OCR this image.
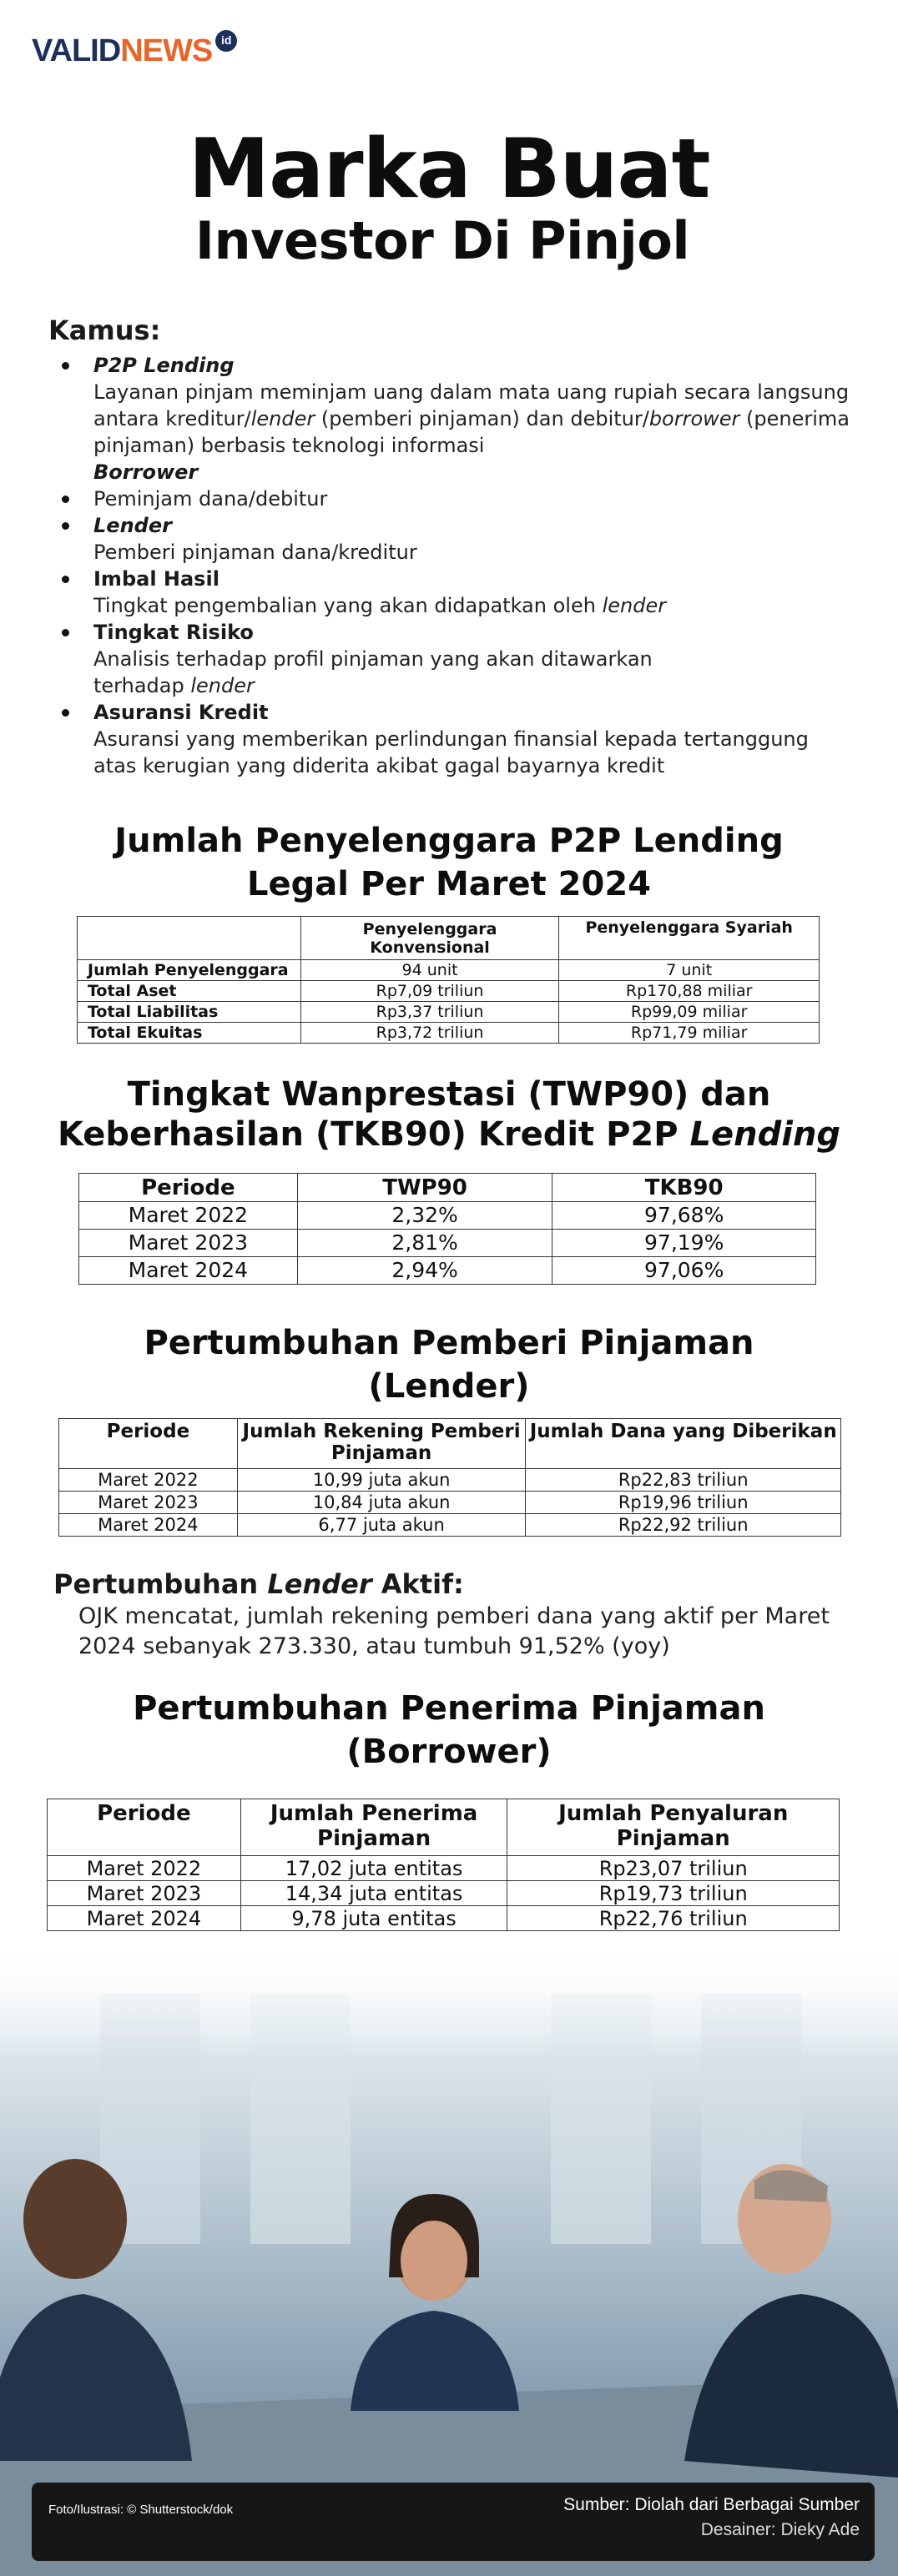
VALID NEWS id
Marka Buat
Investor Di Pinjol
Kamus:
P2P Lending
Layanan pinjam meminjam uang dalam mata uang rupiah secara langsung antara kreditur/lender (pemberi pinjaman) dan debitur/borrower (penerima pinjaman) berbasis teknologi informasi
Borrower
Peminjam dana/debitur
Lender
Pemberi pinjaman dana/kreditur
Imbal Hasil
Tingkat pengembalian yang akan didapatkan oleh lender
Tingkat Risiko
Analisis terhadap profil pinjaman yang akan ditawarkan terhadap lender
Asuransi Kredit
Asuransi yang memberikan perlindungan finansial kepada tertanggung atas kerugian yang diderita akibat gagal bayarnya kredit
Jumlah Penyelenggara P2P Lending
Legal Per Maret 2024
	Penyelenggara Konvensional	Penyelenggara Syariah
Jumlah Penyelenggara	94 unit	7 unit
Total Aset	Rp7,09 triliun	Rp170,88 miliar
Total Liabilitas	Rp3,37 triliun	Rp99,09 miliar
Total Ekuitas	Rp3,72 triliun	Rp71,79 miliar
Tingkat Wanprestasi (TWP90) dan
Keberhasilan (TKB90) Kredit P2P Lending
Periode	TWP90	TKB90
Maret 2022	2,32%	97,68%
Maret 2023	2,81%	97,19%
Maret 2024	2,94%	97,06%
Pertumbuhan Pemberi Pinjaman
(Lender)
Periode	Jumlah Rekening Pemberi Pinjaman	Jumlah Dana yang Diberikan
Maret 2022	10,99 juta akun	Rp22,83 triliun
Maret 2023	10,84 juta akun	Rp19,96 triliun
Maret 2024	6,77 juta akun	Rp22,92 triliun
Pertumbuhan Lender Aktif:

OJK mencatat, jumlah rekening pemberi dana yang aktif per Maret 2024 sebanyak 273.330, atau tumbuh 91,52% (yoy)

Pertumbuhan Penerima Pinjaman
(Borrower)
Periode	Jumlah Penerima Pinjaman	Jumlah Penyaluran Pinjaman
Maret 2022	17,02 juta entitas	Rp23,07 triliun
Maret 2023	14,34 juta entitas	Rp19,73 triliun
Maret 2024	9,78 juta entitas	Rp22,76 triliun
Foto/Ilustrasi: © Shutterstock/dok	Sumber: Diolah dari Berbagai Sumber
Desainer: Dieky Ade
